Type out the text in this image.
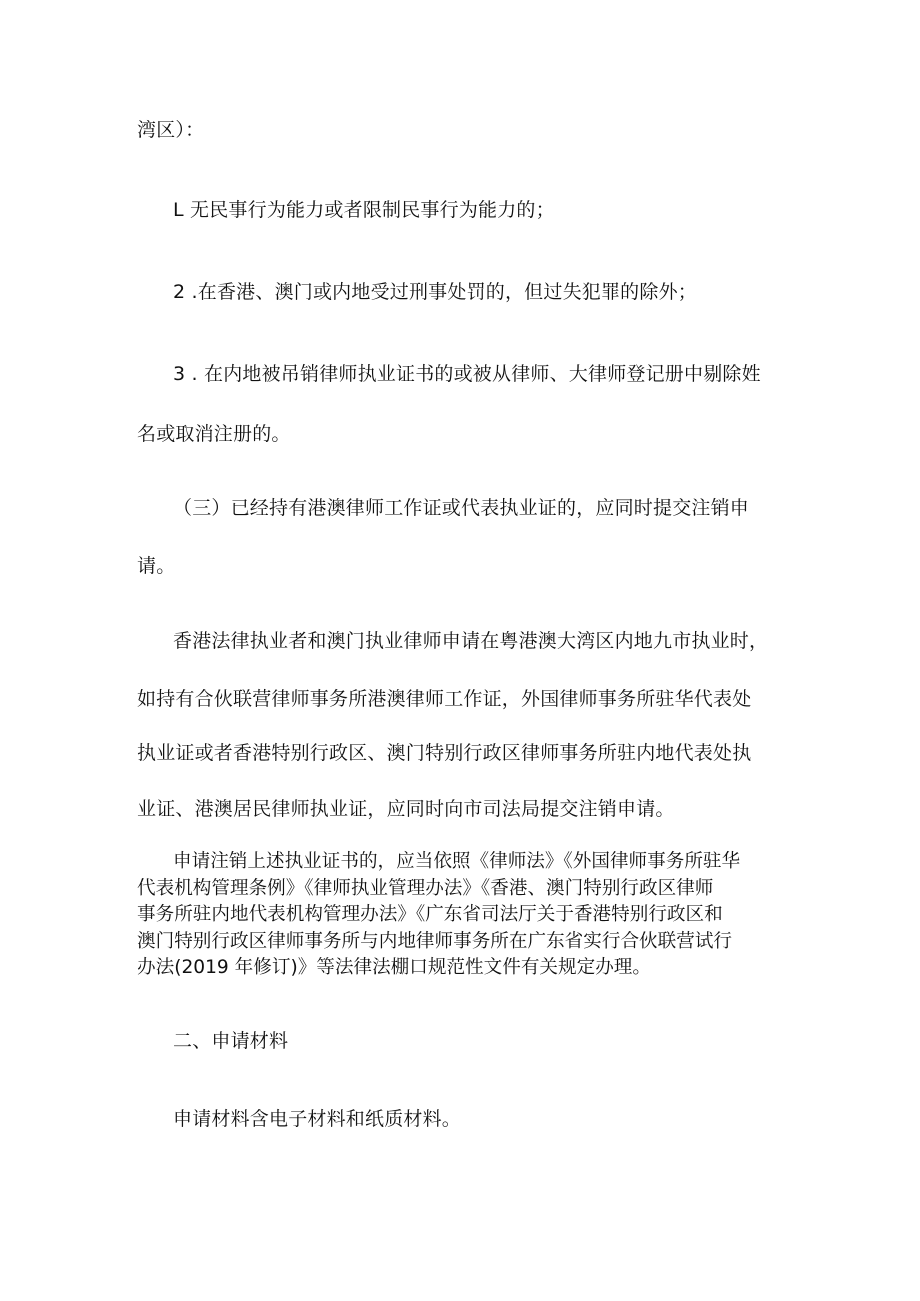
湾区）：
L 无民事行为能力或者限制民事行为能力的；
2 .在香港、澳门或内地受过刑事处罚的，但过失犯罪的除外；
3 . 在内地被吊销律师执业证书的或被从律师、大律师登记册中剔除姓
名或取消注册的。
（三）已经持有港澳律师工作证或代表执业证的，应同时提交注销申
请。
香港法律执业者和澳门执业律师申请在粤港澳大湾区内地九市执业时，
如持有合伙联营律师事务所港澳律师工作证，外国律师事务所驻华代表处
执业证或者香港特别行政区、澳门特别行政区律师事务所驻内地代表处执
业证、港澳居民律师执业证，应同时向市司法局提交注销申请。
申请注销上述执业证书的，应当依照《律师法》《外国律师事务所驻华
代表机构管理条例》《律师执业管理办法》《香港、澳门特别行政区律师
事务所驻内地代表机构管理办法》《广东省司法厅关于香港特别行政区和
澳门特别行政区律师事务所与内地律师事务所在广东省实行合伙联营试行
办法(2019 年修订)》等法律法棚口规范性文件有关规定办理。
二、申请材料
申请材料含电子材料和纸质材料。
